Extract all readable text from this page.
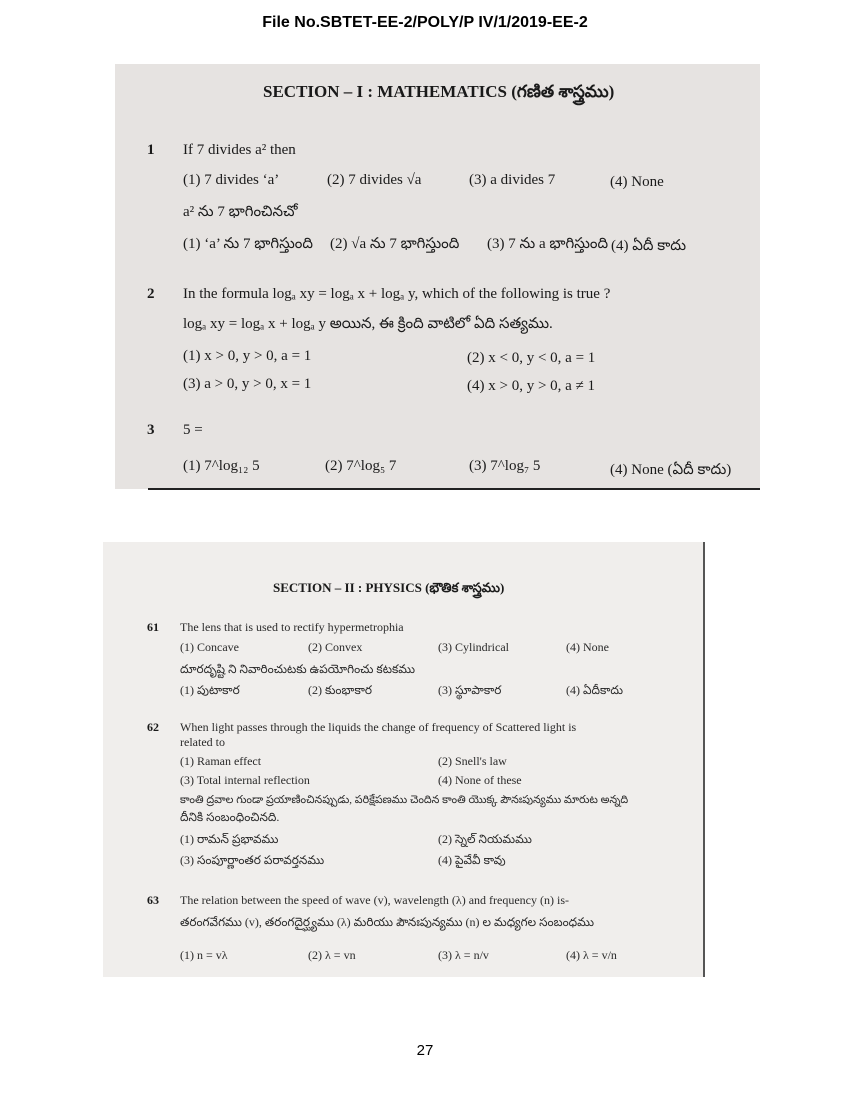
File No.SBTET-EE-2/POLY/P IV/1/2019-EE-2
SECTION – I : MATHEMATICS (గణిత శాస్త్రము)
1 If 7 divides a² then
(1) 7 divides ‘a’	(2) 7 divides √a	(3) a divides 7	(4) None
a² ను 7 భాగించినచో
(1) ‘a’ ను 7 భాగిస్తుంది (2) √a ను 7 భాగిస్తుంది (3) 7 ను a భాగిస్తుంది (4) ఏదీ కాదు
2 In the formula logₐ xy = logₐ x + logₐ y, which of the following is true ?
logₐ xy = logₐ x + logₐ y అయిన, ఈ క్రింది వాటిలో ఏది సత్యము.
(1) x > 0, y > 0, a = 1	(2) x < 0, y < 0, a = 1
(3) a > 0, y > 0, x = 1	(4) x > 0, y > 0, a ≠ 1
3 5 =
(1) 7^log₁₂ 5	(2) 7^log₅ 7	(3) 7^log₇ 5	(4) None (ఏదీ కాదు)
SECTION – II : PHYSICS (భౌతిక శాస్త్రము)
61 The lens that is used to rectify hypermetrophia
(1) Concave	(2) Convex	(3) Cylindrical	(4) None
దూరదృష్టి ని నివారించుటకు ఉపయోగించు కటకము
(1) పుటాకార	(2) కుంభాకార	(3) స్థూపాకార	(4) ఏదీకాదు
62 When light passes through the liquids the change of frequency of Scattered light is
related to
(1) Raman effect	(2) Snell's law
(3) Total internal reflection	(4) None of these
కాంతి ద్రవాల గుండా ప్రయాణించినప్పుడు, పరిక్షేపణము చెందిన కాంతి యొక్క పౌనఃపున్యము మారుట అన్నది
దీనికి సంబంధించినది.
(1) రామన్ ప్రభావము	(2) స్నెల్ నియమము
(3) సంపూర్ణాంతర పరావర్తనము	(4) పైవేవీ కావు
63 The relation between the speed of wave (v), wavelength (λ) and frequency (n) is-
తరంగవేగము (v), తరంగదైర్ఘ్యము (λ) మరియు పౌనఃపున్యము (n) ల మధ్యగల సంబంధము
(1) n = vλ	(2) λ = vn	(3) λ = n/v	(4) λ = v/n
27
